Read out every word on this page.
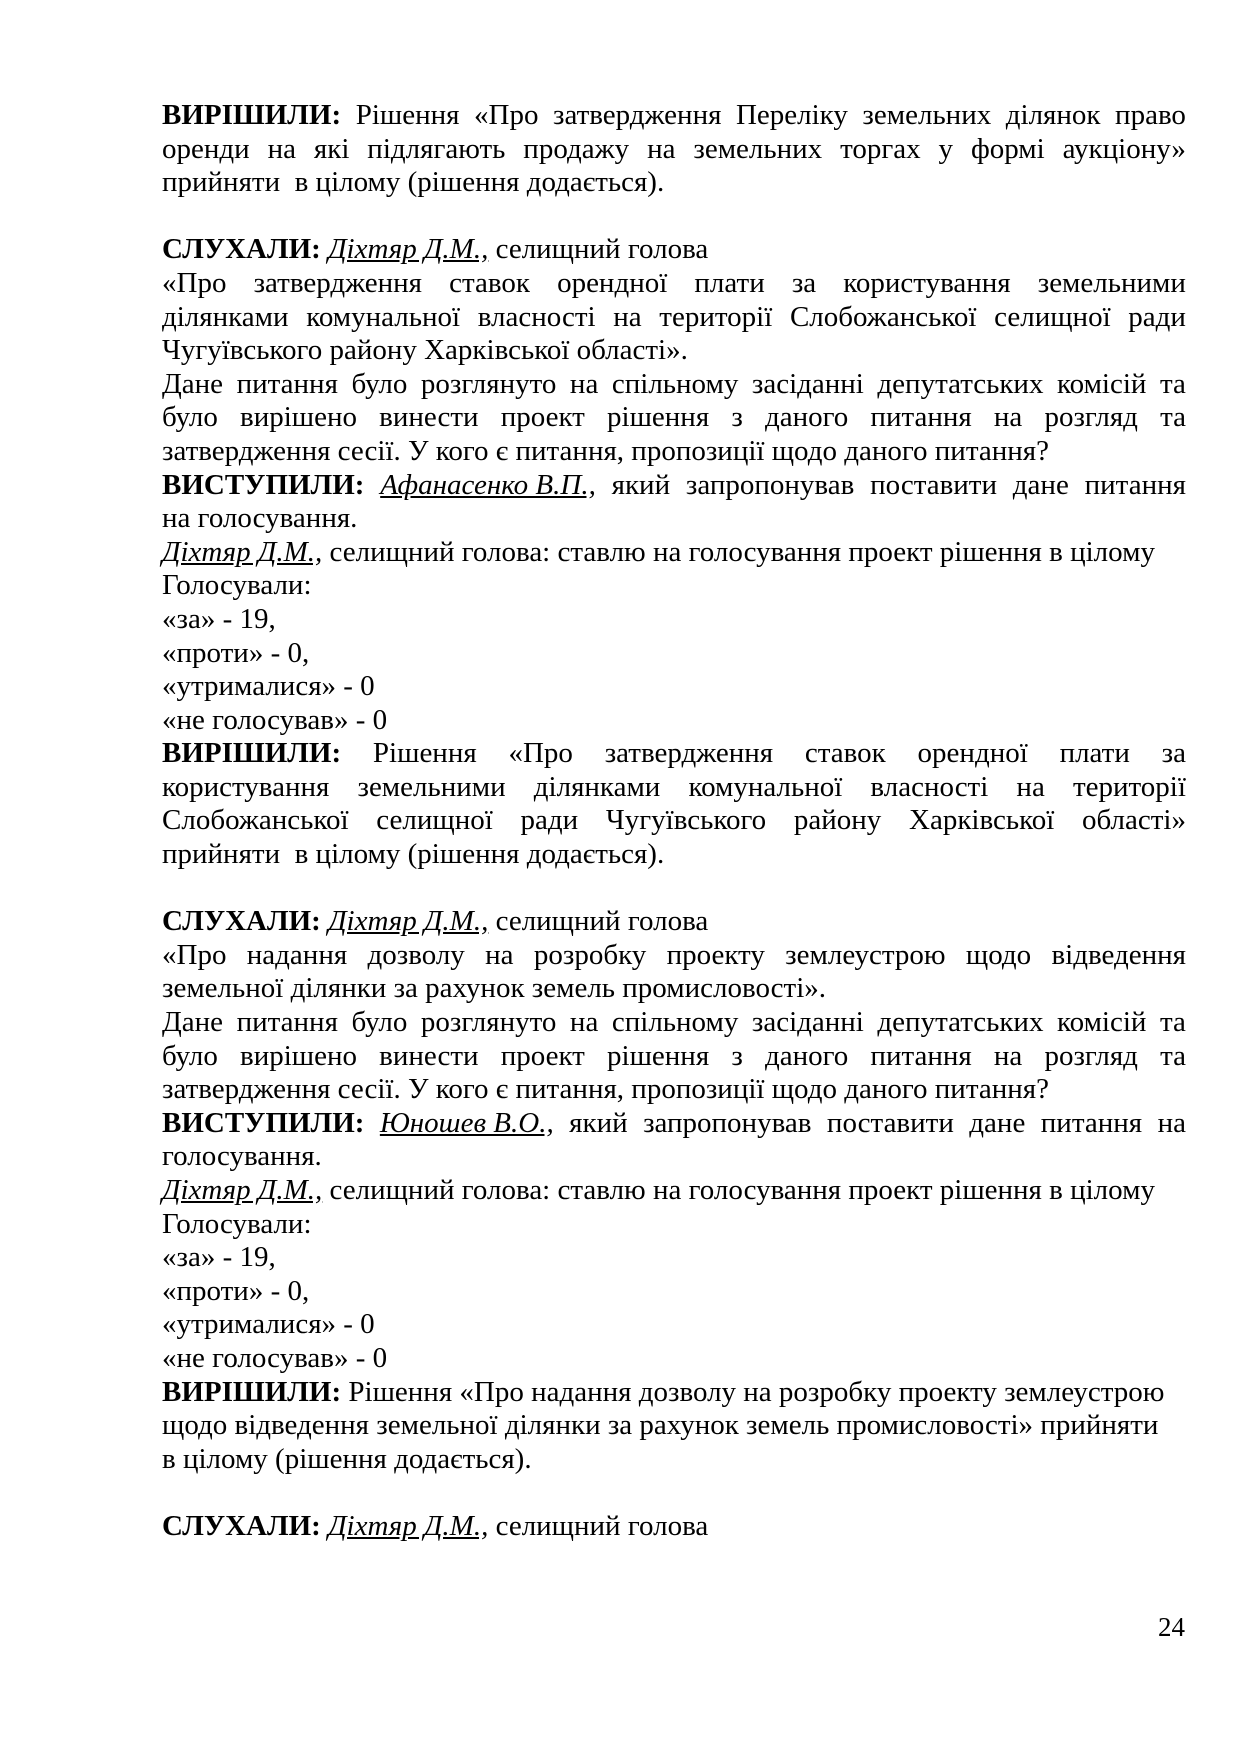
ВИРІШИЛИ: Рішення «Про затвердження Переліку земельних ділянок право
оренди на які підлягають продажу на земельних торгах у формі аукціону»
прийняти  в цілому (рішення додається).
СЛУХАЛИ: Діхтяр Д.М., селищний голова
«Про затвердження ставок орендної плати за користування земельними
ділянками комунальної власності на території Слобожанської селищної ради
Чугуївського району Харківської області».
Дане питання було розглянуто на спільному засіданні депутатських комісій та
було вирішено винести проект рішення з даного питання на розгляд та
затвердження сесії. У кого є питання, пропозиції щодо даного питання?
ВИСТУПИЛИ: Афанасенко В.П., який запропонував поставити дане питання
на голосування.
Діхтяр Д.М., селищний голова: ставлю на голосування проект рішення в цілому
Голосували:
«за» - 19,
«проти» - 0,
«утрималися» - 0
«не голосував» - 0
ВИРІШИЛИ: Рішення «Про затвердження ставок орендної плати за
користування земельними ділянками комунальної власності на території
Слобожанської селищної ради Чугуївського району Харківської області»
прийняти  в цілому (рішення додається).
СЛУХАЛИ: Діхтяр Д.М., селищний голова
«Про надання дозволу на розробку проекту землеустрою щодо відведення
земельної ділянки за рахунок земель промисловості».
Дане питання було розглянуто на спільному засіданні депутатських комісій та
було вирішено винести проект рішення з даного питання на розгляд та
затвердження сесії. У кого є питання, пропозиції щодо даного питання?
ВИСТУПИЛИ: Юношев В.О., який запропонував поставити дане питання на
голосування.
Діхтяр Д.М., селищний голова: ставлю на голосування проект рішення в цілому
Голосували:
«за» - 19,
«проти» - 0,
«утрималися» - 0
«не голосував» - 0
ВИРІШИЛИ: Рішення «Про надання дозволу на розробку проекту землеустрою
щодо відведення земельної ділянки за рахунок земель промисловості» прийняти
в цілому (рішення додається).
СЛУХАЛИ: Діхтяр Д.М., селищний голова
24
